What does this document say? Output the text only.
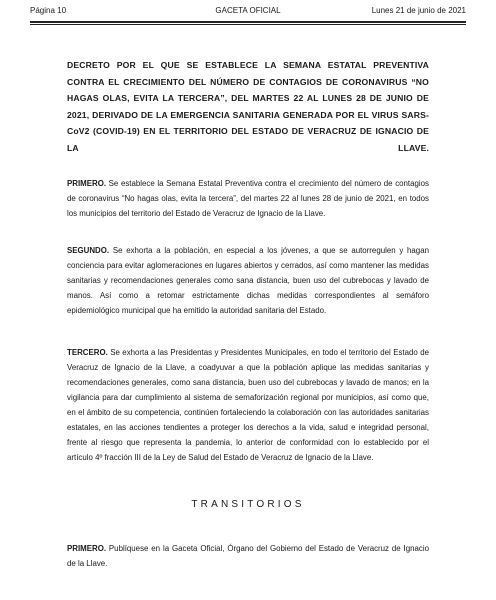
Página 10	GACETA OFICIAL	Lunes 21 de junio de 2021

DECRETO POR EL QUE SE ESTABLECE LA SEMANA ESTATAL PREVENTIVA CONTRA EL CRECIMIENTO DEL NÚMERO DE CONTAGIOS DE CORONAVIRUS “NO HAGAS OLAS, EVITA LA TERCERA”, DEL MARTES 22 AL LUNES 28 DE JUNIO DE 2021, DERIVADO DE LA EMERGENCIA SANITARIA GENERADA POR EL VIRUS SARS-CoV2 (COVID-19) EN EL TERRITORIO DEL ESTADO DE VERACRUZ DE IGNACIO DE LA LLAVE.

PRIMERO. Se establece la Semana Estatal Preventiva contra el crecimiento del número de contagios de coronavirus “No hagas olas, evita la tercera”, del martes 22 al lunes 28 de junio de 2021, en todos los municipios del territorio del Estado de Veracruz de Ignacio de la Llave.

SEGUNDO. Se exhorta a la población, en especial a los jóvenes, a que se autorregulen y hagan conciencia para evitar aglomeraciones en lugares abiertos y cerrados, así como mantener las medidas sanitarias y recomendaciones generales como sana distancia, buen uso del cubrebocas y lavado de manos. Así como a retomar estrictamente dichas medidas correspondientes al semáforo epidemiológico municipal que ha emitido la autoridad sanitaria del Estado.

TERCERO. Se exhorta a las Presidentas y Presidentes Municipales, en todo el territorio del Estado de Veracruz de Ignacio de la Llave, a coadyuvar a que la población aplique las medidas sanitarias y recomendaciones generales, como sana distancia, buen uso del cubrebocas y lavado de manos; en la vigilancia para dar cumplimiento al sistema de semaforización regional por municipios, así como que, en el ámbito de su competencia, continúen fortaleciendo la colaboración con las autoridades sanitarias estatales, en las acciones tendientes a proteger los derechos a la vida, salud e integridad personal, frente al riesgo que representa la pandemia, lo anterior de conformidad con lo establecido por el artículo 4º fracción III de la Ley de Salud del Estado de Veracruz de Ignacio de la Llave.

TRANSITORIOS

PRIMERO. Publíquese en la Gaceta Oficial, Órgano del Gobierno del Estado de Veracruz de Ignacio de la Llave.
